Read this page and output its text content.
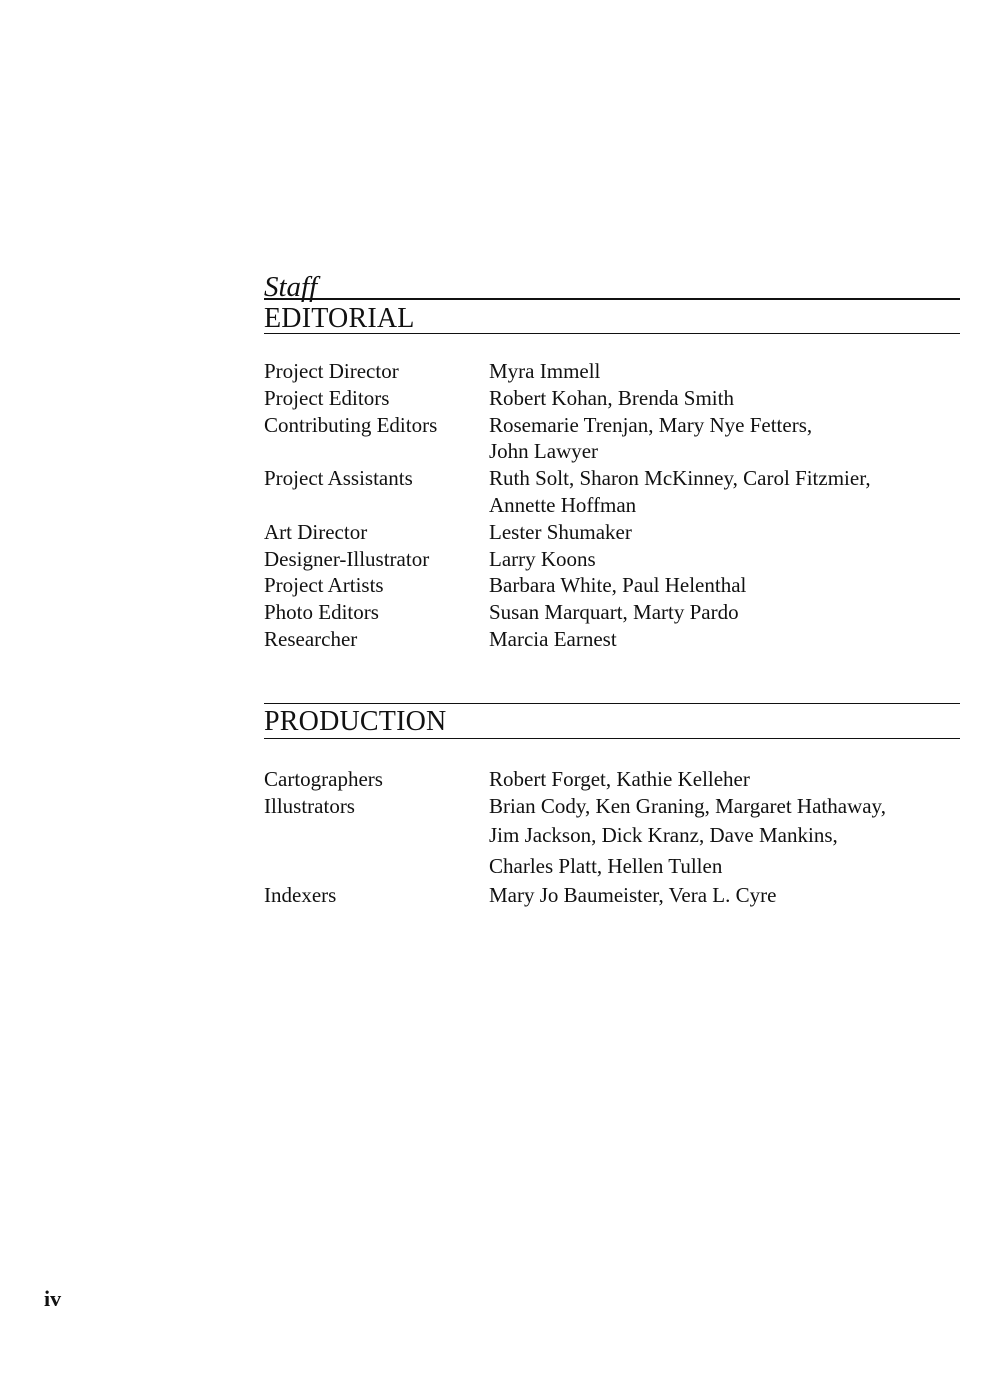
Staff
EDITORIAL
Project Director	Myra Immell
Project Editors	Robert Kohan, Brenda Smith
Contributing Editors	Rosemarie Trenjan, Mary Nye Fetters,
John Lawyer
Project Assistants	Ruth Solt, Sharon McKinney, Carol Fitzmier,
Annette Hoffman
Art Director	Lester Shumaker
Designer-Illustrator	Larry Koons
Project Artists	Barbara White, Paul Helenthal
Photo Editors	Susan Marquart, Marty Pardo
Researcher	Marcia Earnest
PRODUCTION
Cartographers	Robert Forget, Kathie Kelleher
Illustrators	Brian Cody, Ken Graning, Margaret Hathaway,
Jim Jackson, Dick Kranz, Dave Mankins,
Charles Platt, Hellen Tullen
Indexers	Mary Jo Baumeister, Vera L. Cyre
iv
